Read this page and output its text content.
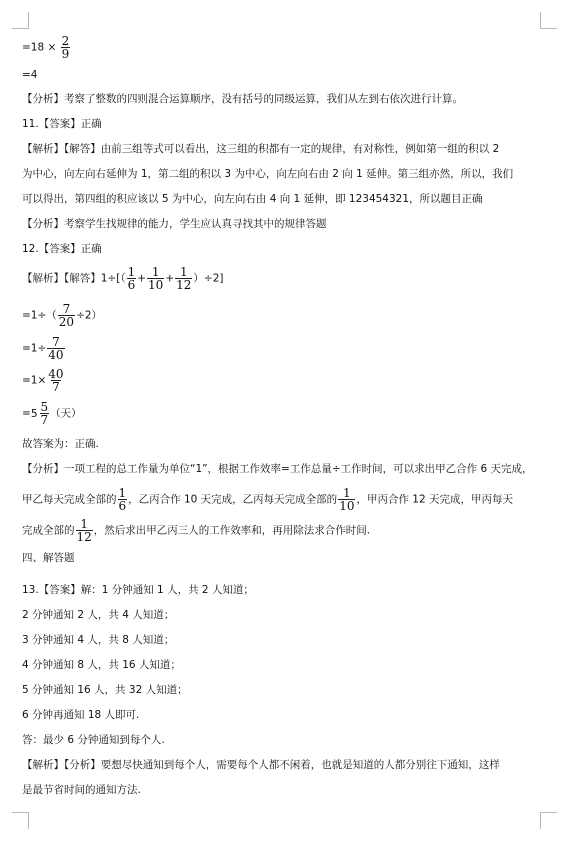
$=18 \times \frac{2}{9}$
=4
【分析】考察了整数的四则混合运算顺序，没有括号的同级运算，我们从左到右依次进行计算。
11.【答案】正确
【解析】【解答】由前三组等式可以看出，这三组的积都有一定的规律，有对称性，例如第一组的积以 2
为中心，向左向右延伸为 1，第二组的积以 3 为中心，向左向右由 2 向 1 延伸。第三组亦然，所以，我们
可以得出，第四组的积应该以 5 为中心，向左向右由 4 向 1 延伸，即 123454321，所以题目正确
【分析】考察学生找规律的能力，学生应认真寻找其中的规律答题
12.【答案】正确
【解析】【解答】$1\div[( \frac{1}{6} + \frac{1}{10} + \frac{1}{12} )\div 2]$
$=1\div( \frac{7}{20} \div 2)$
$=1\div \frac{7}{40}$
$=1\times \frac{40}{7}$
= $5 \frac{5}{7}$ （天）
故答案为：正确.
【分析】一项工程的总工作量为单位“1”，根据工作效率=工作总量÷工作时间，可以求出甲乙合作 6 天完成，
甲乙每天完成全部的 $\frac{1}{6}$ ，乙丙合作 10 天完成，乙丙每天完成全部的 $\frac{1}{10}$ ，甲丙合作 12 天完成，甲丙每天
完成全部的 $\frac{1}{12}$ ，然后求出甲乙丙三人的工作效率和，再用除法求合作时间.
四、解答题
13.【答案】解：1 分钟通知 1 人，共 2 人知道；
2 分钟通知 2 人，共 4 人知道；
3 分钟通知 4 人，共 8 人知道；
4 分钟通知 8 人，共 16 人知道；
5 分钟通知 16 人，共 32 人知道；
6 分钟再通知 18 人即可.
答：最少 6 分钟通知到每个人.
【解析】【分析】要想尽快通知到每个人，需要每个人都不闲着，也就是知道的人都分别往下通知，这样
是最节省时间的通知方法.
